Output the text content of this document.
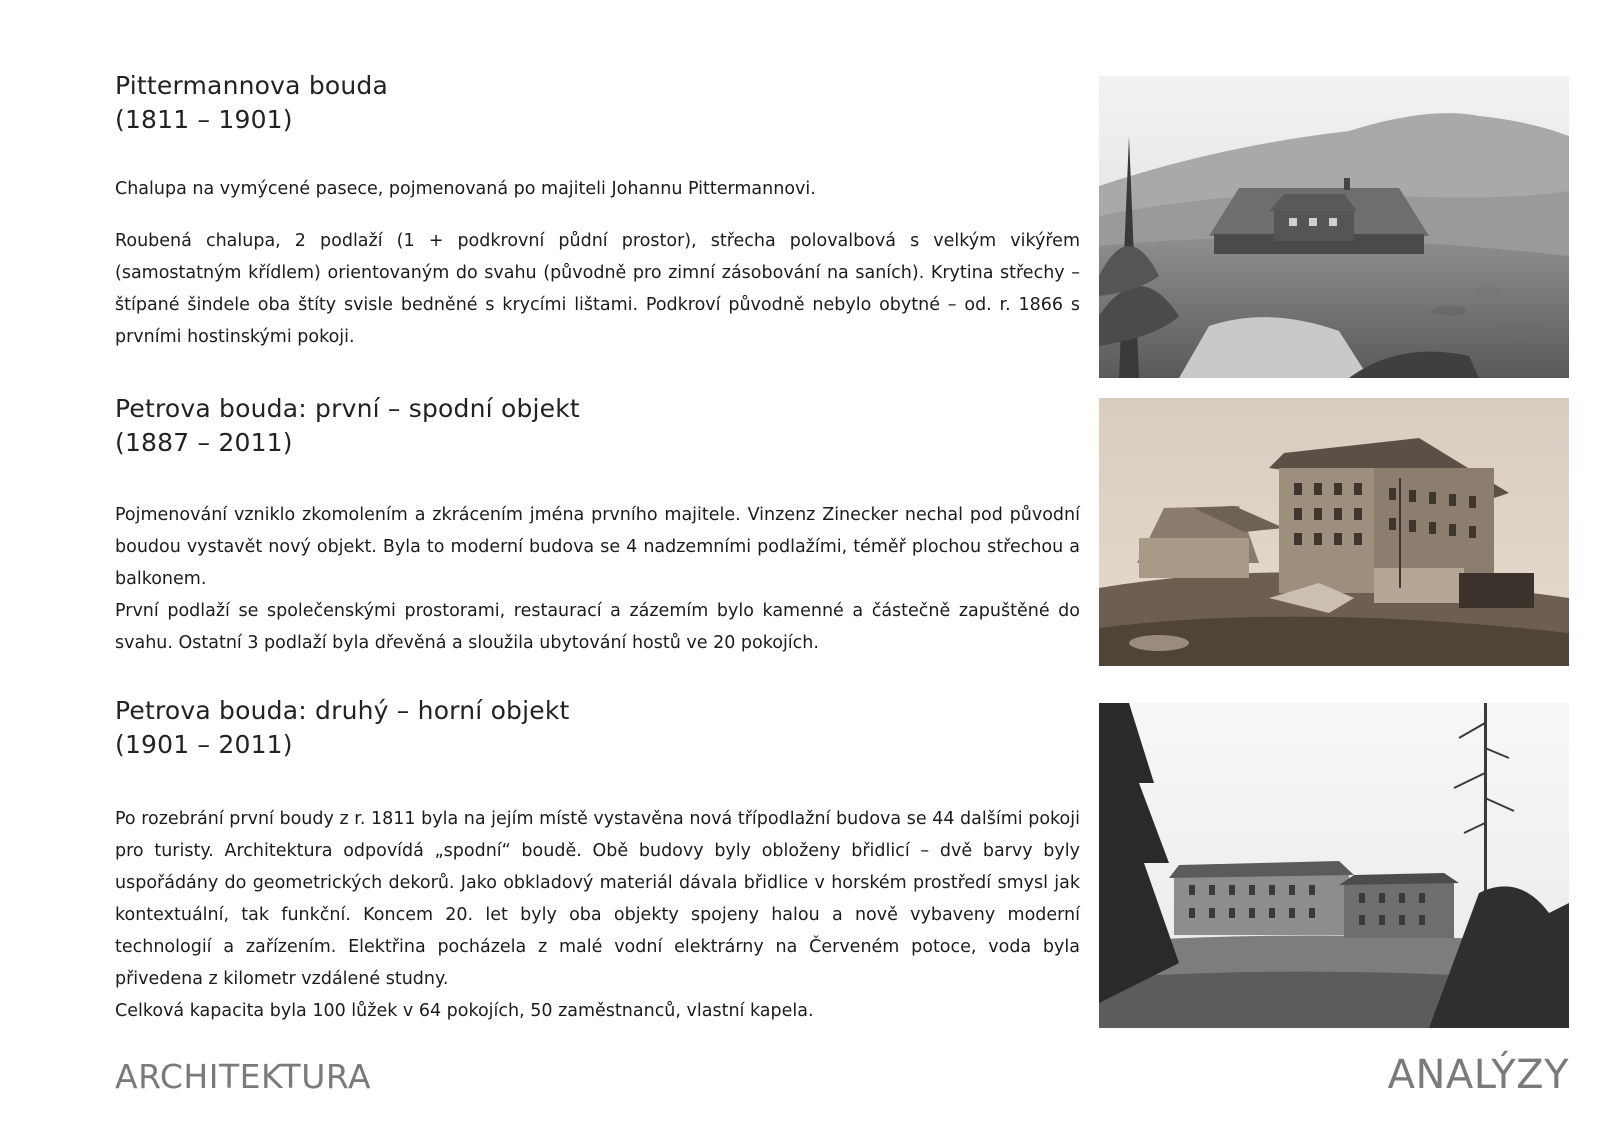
Pittermannova bouda
(1811 – 1901)

Chalupa na vymýcené pasece, pojmenovaná po majiteli Johannu Pittermannovi.

Roubená chalupa, 2 podlaží (1 + podkrovní půdní prostor), střecha polovalbová s velkým vikýřem (samostatným křídlem) orientovaným do svahu (původně pro zimní zásobování na saních). Krytina střechy – štípané šindele oba štíty svisle bedněné s krycími lištami. Podkroví původně nebylo obytné – od. r. 1866 s prvními hostinskými pokoji.

Petrova bouda: první – spodní objekt
(1887 – 2011)

Pojmenování vzniklo zkomolením a zkrácením jména prvního majitele. Vinzenz Zinecker nechal pod původní boudou vystavět nový objekt. Byla to moderní budova se 4 nadzemními podlažími, téměř plochou střechou a balkonem.

První podlaží se společenskými prostorami, restaurací a zázemím bylo kamenné a částečně zapuštěné do svahu. Ostatní 3 podlaží byla dřevěná a sloužila ubytování hostů ve 20 pokojích.

Petrova bouda: druhý – horní objekt
(1901 – 2011)

Po rozebrání první boudy z r. 1811 byla na jejím místě vystavěna nová třípodlažní budova se 44 dalšími pokoji pro turisty. Architektura odpovídá „spodní“ boudě. Obě budovy byly obloženy břidlicí – dvě barvy byly uspořádány do geometrických dekorů. Jako obkladový materiál dávala břidlice v horském prostředí smysl jak kontextuální, tak funkční. Koncem 20. let byly oba objekty spojeny halou a nově vybaveny moderní technologií a zařízením. Elektřina pocházela z malé vodní elektrárny na Červeném potoce, voda byla přivedena z kilometr vzdálené studny.

Celková kapacita byla 100 lůžek v 64 pokojích, 50 zaměstnanců, vlastní kapela.

ARCHITEKTURA	ANALÝZY
